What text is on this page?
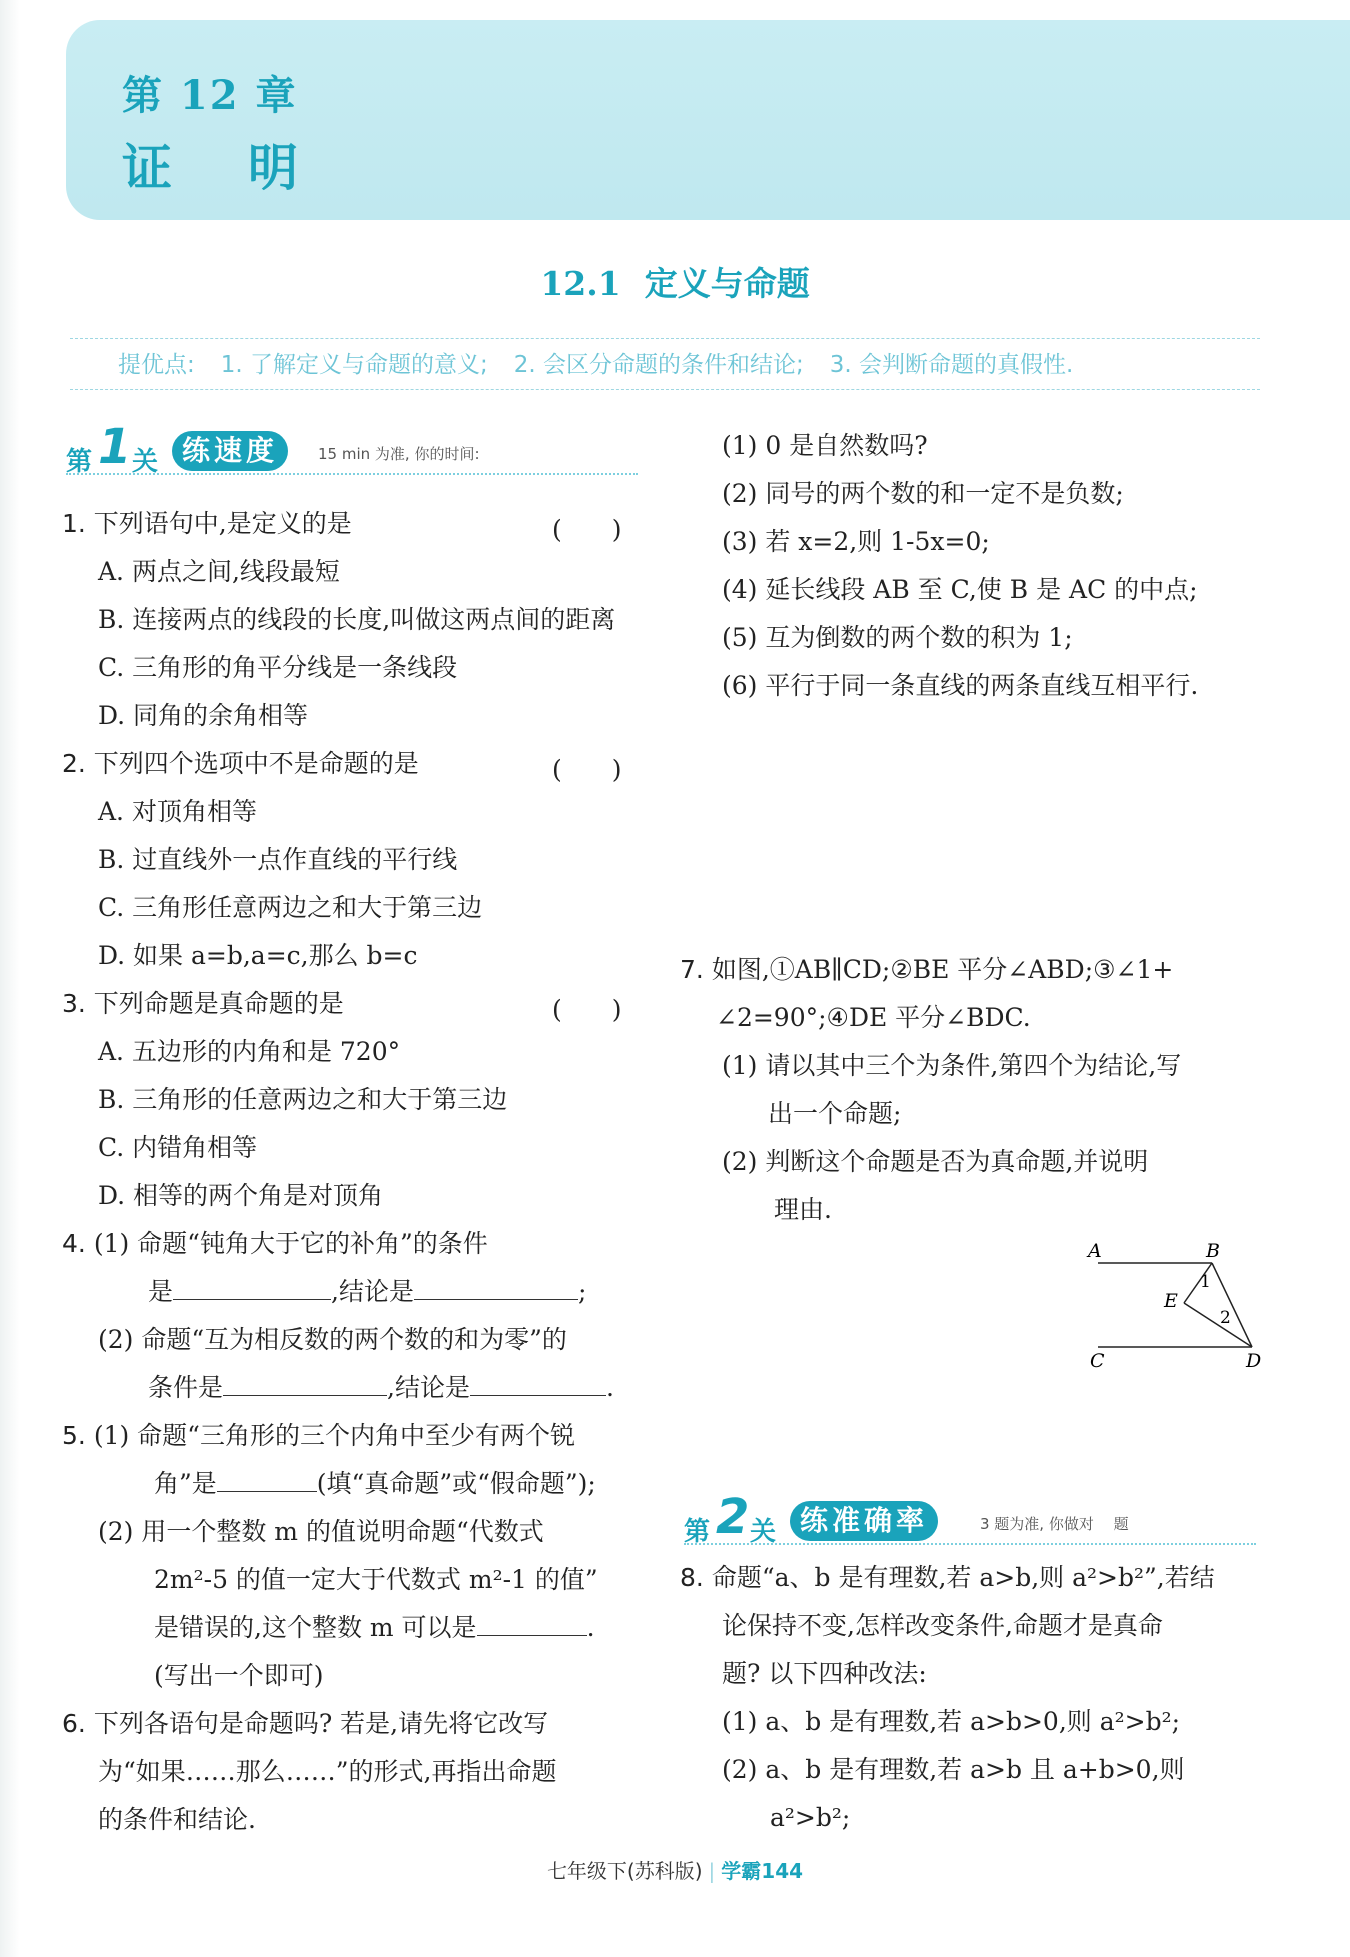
第 12 章
证明
12.1 定义与命题
提优点: 1. 了解定义与命题的意义; 2. 会区分命题的条件和结论; 3. 会判断命题的真假性.
第 1 关 练速度	15 min 为准, 你的时间:

1. 下列语句中,是定义的是

A. 两点之间,线段最短

B. 连接两点的线段的长度,叫做这两点间的距离

C. 三角形的角平分线是一条线段

D. 同角的余角相等

2. 下列四个选项中不是命题的是

A. 对顶角相等

B. 过直线外一点作直线的平行线

C. 三角形任意两边之和大于第三边

D. 如果 a=b,a=c,那么 b=c

3. 下列命题是真命题的是

A. 五边形的内角和是 720°

B. 三角形的任意两边之和大于第三边

C. 内错角相等

D. 相等的两个角是对顶角

(　　)
(　　)
(　　)

4. (1) 命题“钝角大于它的补角”的条件

是	,结论是	;

(2) 命题“互为相反数的两个数的和为零”的

条件是	,结论是	.

5. (1) 命题“三角形的三个内角中至少有两个锐

角”是	(填“真命题”或“假命题”);

(2) 用一个整数 m 的值说明命题“代数式

2m²-5 的值一定大于代数式 m²-1 的值”

是错误的,这个整数 m 可以是	.

(写出一个即可)

6. 下列各语句是命题吗? 若是,请先将它改写

为“如果……那么……”的形式,再指出命题

的条件和结论.

(1) 0 是自然数吗?

(2) 同号的两个数的和一定不是负数;

(3) 若 x=2,则 1-5x=0;

(4) 延长线段 AB 至 C,使 B 是 AC 的中点;

(5) 互为倒数的两个数的积为 1;

(6) 平行于同一条直线的两条直线互相平行.

7. 如图,①AB∥CD;②BE 平分∠ABD;③∠1+

∠2=90°;④DE 平分∠BDC.

(1) 请以其中三个为条件,第四个为结论,写

出一个命题;

(2) 判断这个命题是否为真命题,并说明

理由.

A	B
C	D
E
1
2
第 2 关 练准确率	3 题为准, 你做对　 题

8. 命题“a、b 是有理数,若 a>b,则 a²>b²”,若结

论保持不变,怎样改变条件,命题才是真命

题? 以下四种改法:

(1) a、b 是有理数,若 a>b>0,则 a²>b²;

(2) a、b 是有理数,若 a>b 且 a+b>0,则

a²>b²;

七年级下(苏科版) | 学霸144
